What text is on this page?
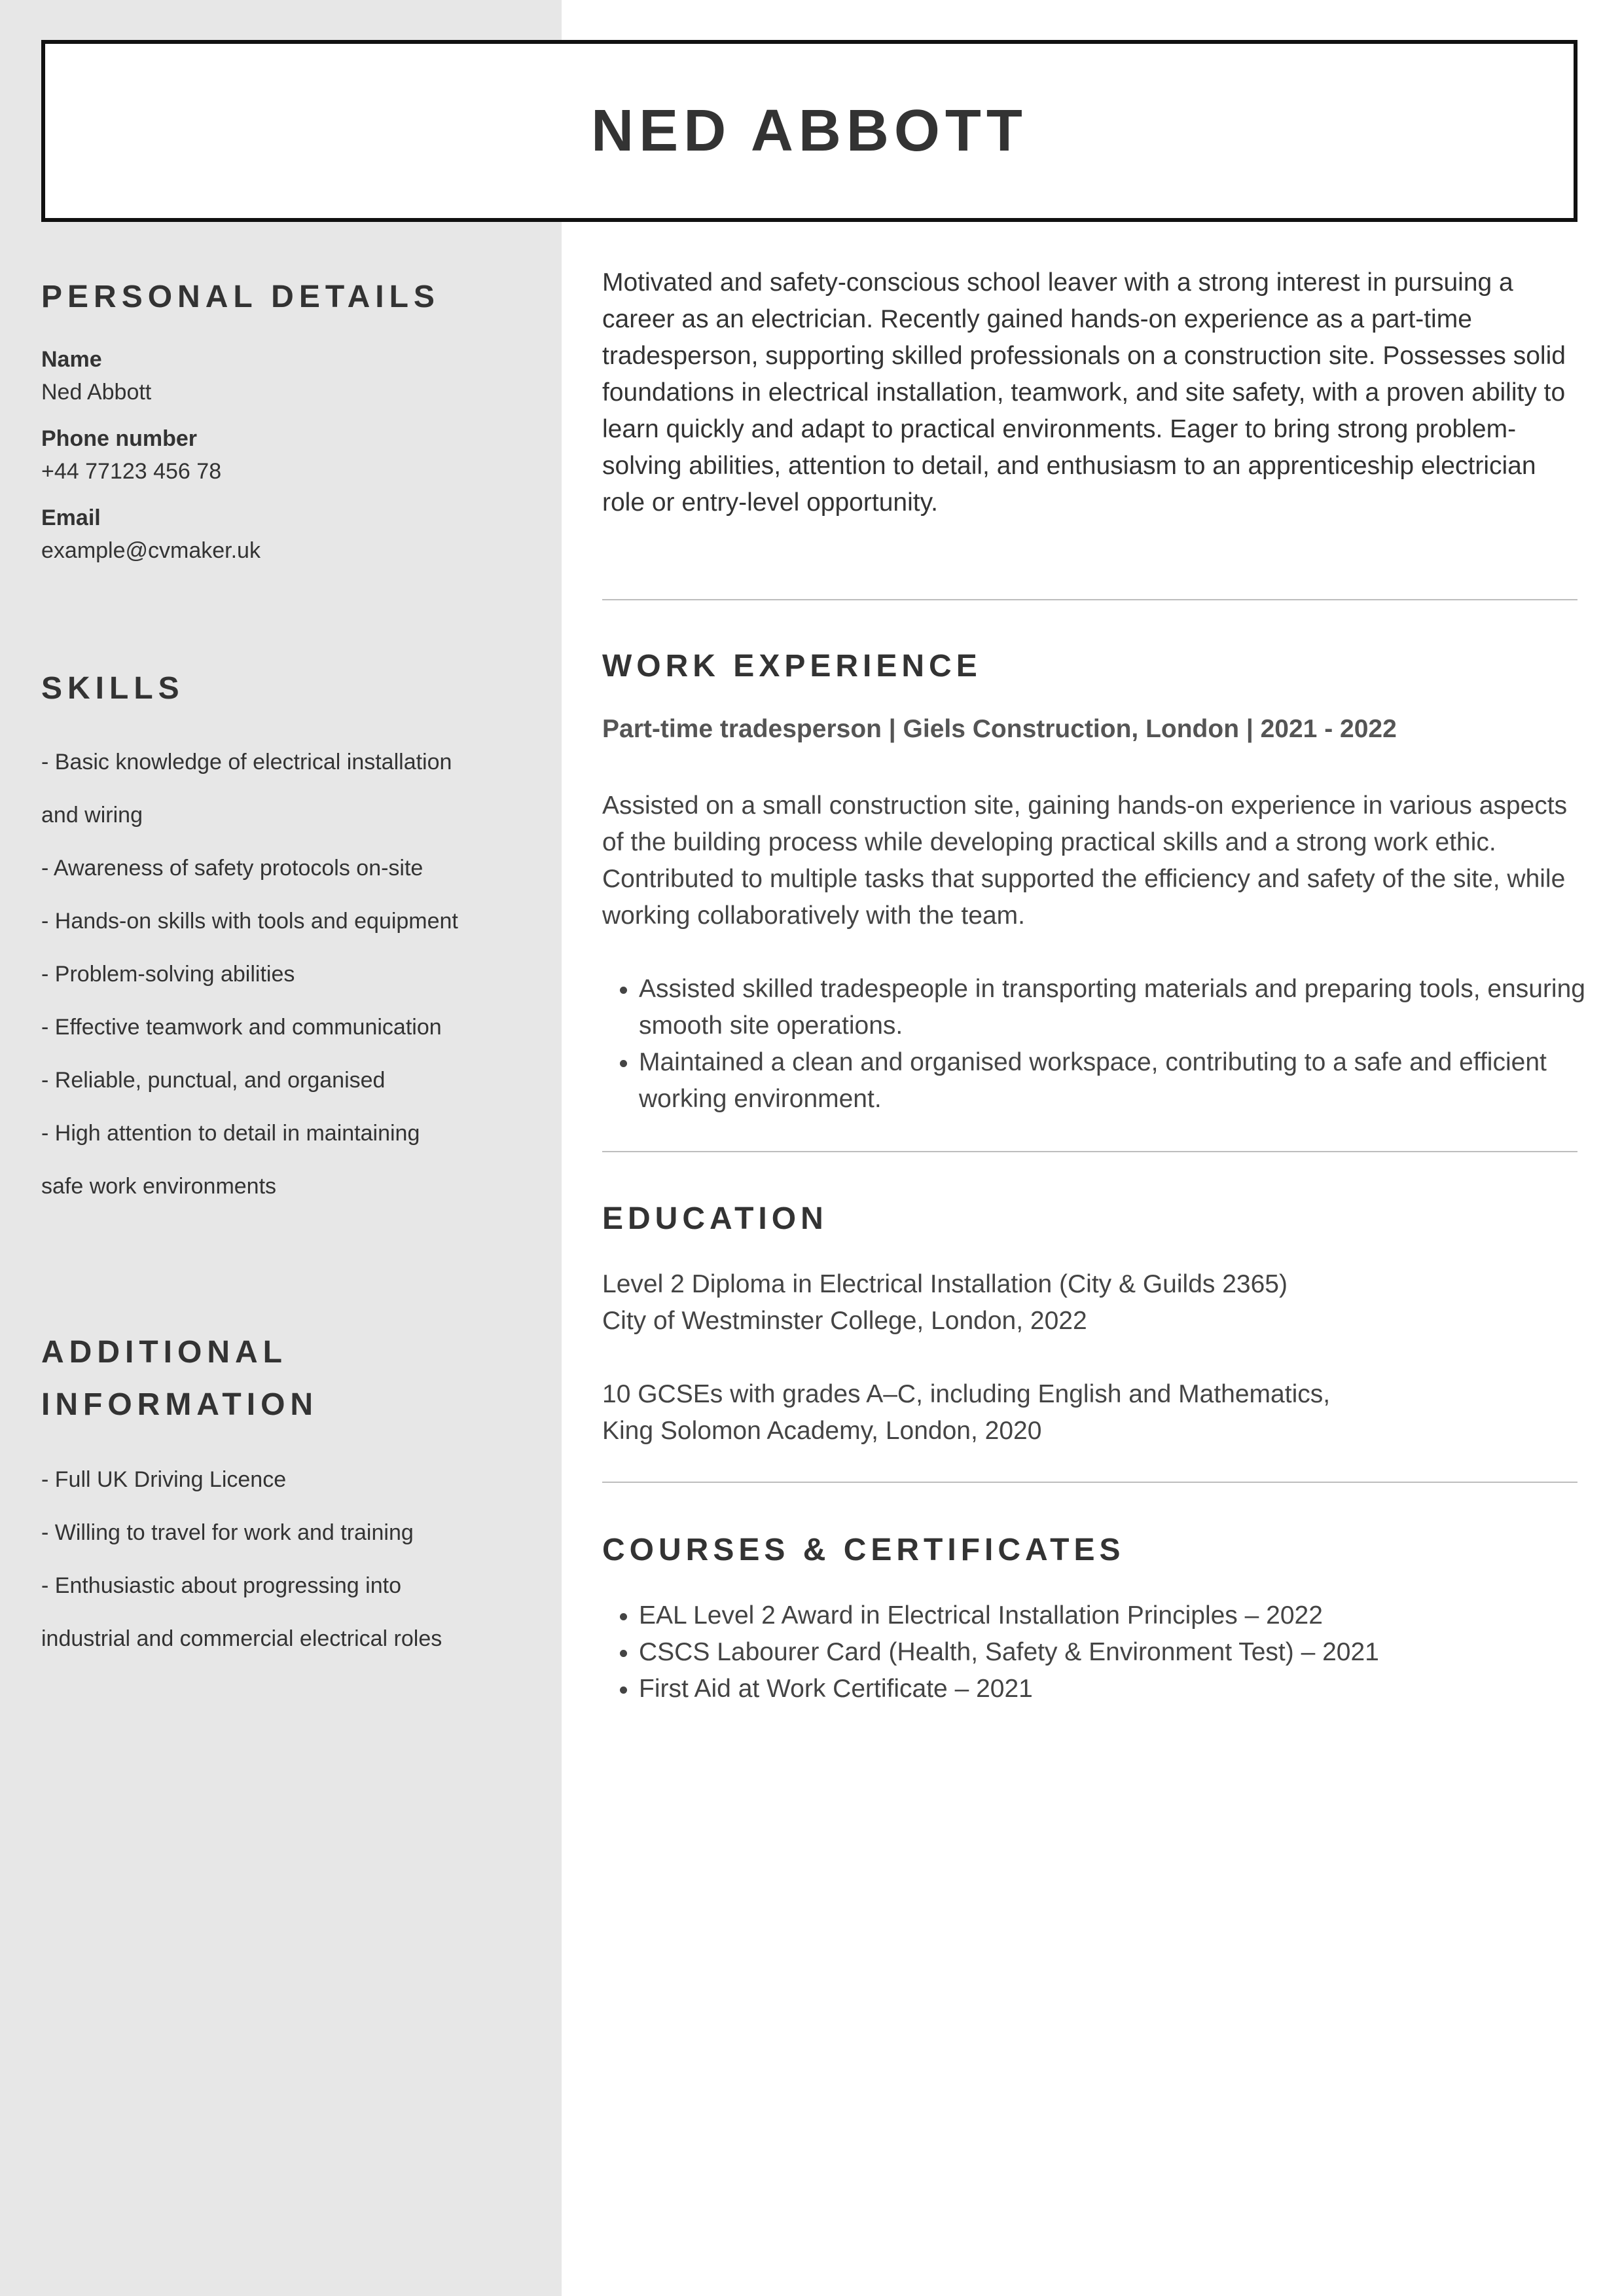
NED ABBOTT
PERSONAL DETAILS
Name
Ned Abbott
Phone number
+44 77123 456 78
Email
example@cvmaker.uk
SKILLS
- Basic knowledge of electrical installation
and wiring
- Awareness of safety protocols on-site
- Hands-on skills with tools and equipment
- Problem-solving abilities
- Effective teamwork and communication
- Reliable, punctual, and organised
- High attention to detail in maintaining
safe work environments
ADDITIONAL
INFORMATION
- Full UK Driving Licence
- Willing to travel for work and training
- Enthusiastic about progressing into
industrial and commercial electrical roles

Motivated and safety-conscious school leaver with a strong interest in pursuing a career as an electrician. Recently gained hands-on experience as a part-time tradesperson, supporting skilled professionals on a construction site. Possesses solid foundations in electrical installation, teamwork, and site safety, with a proven ability to learn quickly and adapt to practical environments. Eager to bring strong problem-solving abilities, attention to detail, and enthusiasm to an apprenticeship electrician role or entry-level opportunity.

WORK EXPERIENCE

Part-time tradesperson | Giels Construction, London | 2021 - 2022

Assisted on a small construction site, gaining hands-on experience in various aspects of the building process while developing practical skills and a strong work ethic. Contributed to multiple tasks that supported the efficiency and safety of the site, while working collaboratively with the team.

• Assisted skilled tradespeople in transporting materials and preparing tools, ensuring smooth site operations.
• Maintained a clean and organised workspace, contributing to a safe and efficient working environment.
EDUCATION

Level 2 Diploma in Electrical Installation (City & Guilds 2365)
City of Westminster College, London, 2022

10 GCSEs with grades A–C, including English and Mathematics,
King Solomon Academy, London, 2020

COURSES & CERTIFICATES
• EAL Level 2 Award in Electrical Installation Principles – 2022
• CSCS Labourer Card (Health, Safety & Environment Test) – 2021
• First Aid at Work Certificate – 2021
